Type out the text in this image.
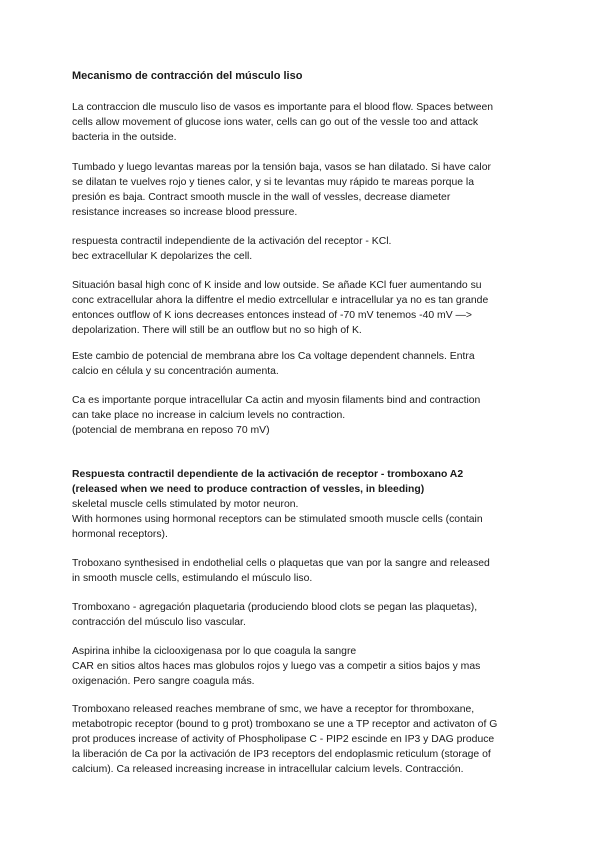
Mecanismo de contracción del músculo liso
La contraccion dle musculo liso de vasos es importante para el blood flow. Spaces between
cells allow movement of glucose ions water, cells can go out of the vessle too and attack
bacteria in the outside.
Tumbado y luego levantas mareas por la tensión baja, vasos se han dilatado. Si have calor
se dilatan te vuelves rojo y tienes calor, y si te levantas muy rápido te mareas porque la
presión es baja. Contract smooth muscle in the wall of vessles, decrease diameter
resistance increases so increase blood pressure.
respuesta contractil independiente de la activación del receptor - KCl.
bec extracellular K depolarizes the cell.
Situación basal high conc of K inside and low outside. Se añade KCl fuer aumentando su
conc extracellular ahora la diffentre el medio extrcellular e intracellular ya no es tan grande
entonces outflow of K ions decreases entonces instead of -70 mV tenemos -40 mV —>
depolarization. There will still be an outflow but no so high of K.
Este cambio de potencial de membrana abre los Ca voltage dependent channels. Entra
calcio en célula y su concentración aumenta.
Ca es importante porque intracellular Ca actin and myosin filaments bind and contraction
can take place no increase in calcium levels no contraction.
(potencial de membrana en reposo 70 mV)
Respuesta contractil dependiente de la activación de receptor - tromboxano A2
(released when we need to produce contraction of vessles, in bleeding)
skeletal muscle cells stimulated by motor neuron.
With hormones using hormonal receptors can be stimulated smooth muscle cells (contain
hormonal receptors).
Troboxano synthesised in endothelial cells o plaquetas que van por la sangre and released
in smooth muscle cells, estimulando el músculo liso.
Tromboxano - agregación plaquetaria (produciendo blood clots se pegan las plaquetas),
contracción del músculo liso vascular.
Aspirina inhibe la ciclooxigenasa por lo que coagula la sangre
CAR en sitios altos haces mas globulos rojos y luego vas a competir a sitios bajos y mas
oxigenación. Pero sangre coagula más.
Tromboxano released reaches membrane of smc, we have a receptor for thromboxane,
metabotropic receptor (bound to g prot) tromboxano se une a TP receptor and activaton of G
prot produces increase of activity of Phospholipase C - PIP2 escinde en IP3 y DAG produce
la liberación de Ca por la activación de IP3 receptors del endoplasmic reticulum (storage of
calcium). Ca released increasing increase in intracellular calcium levels. Contracción.
